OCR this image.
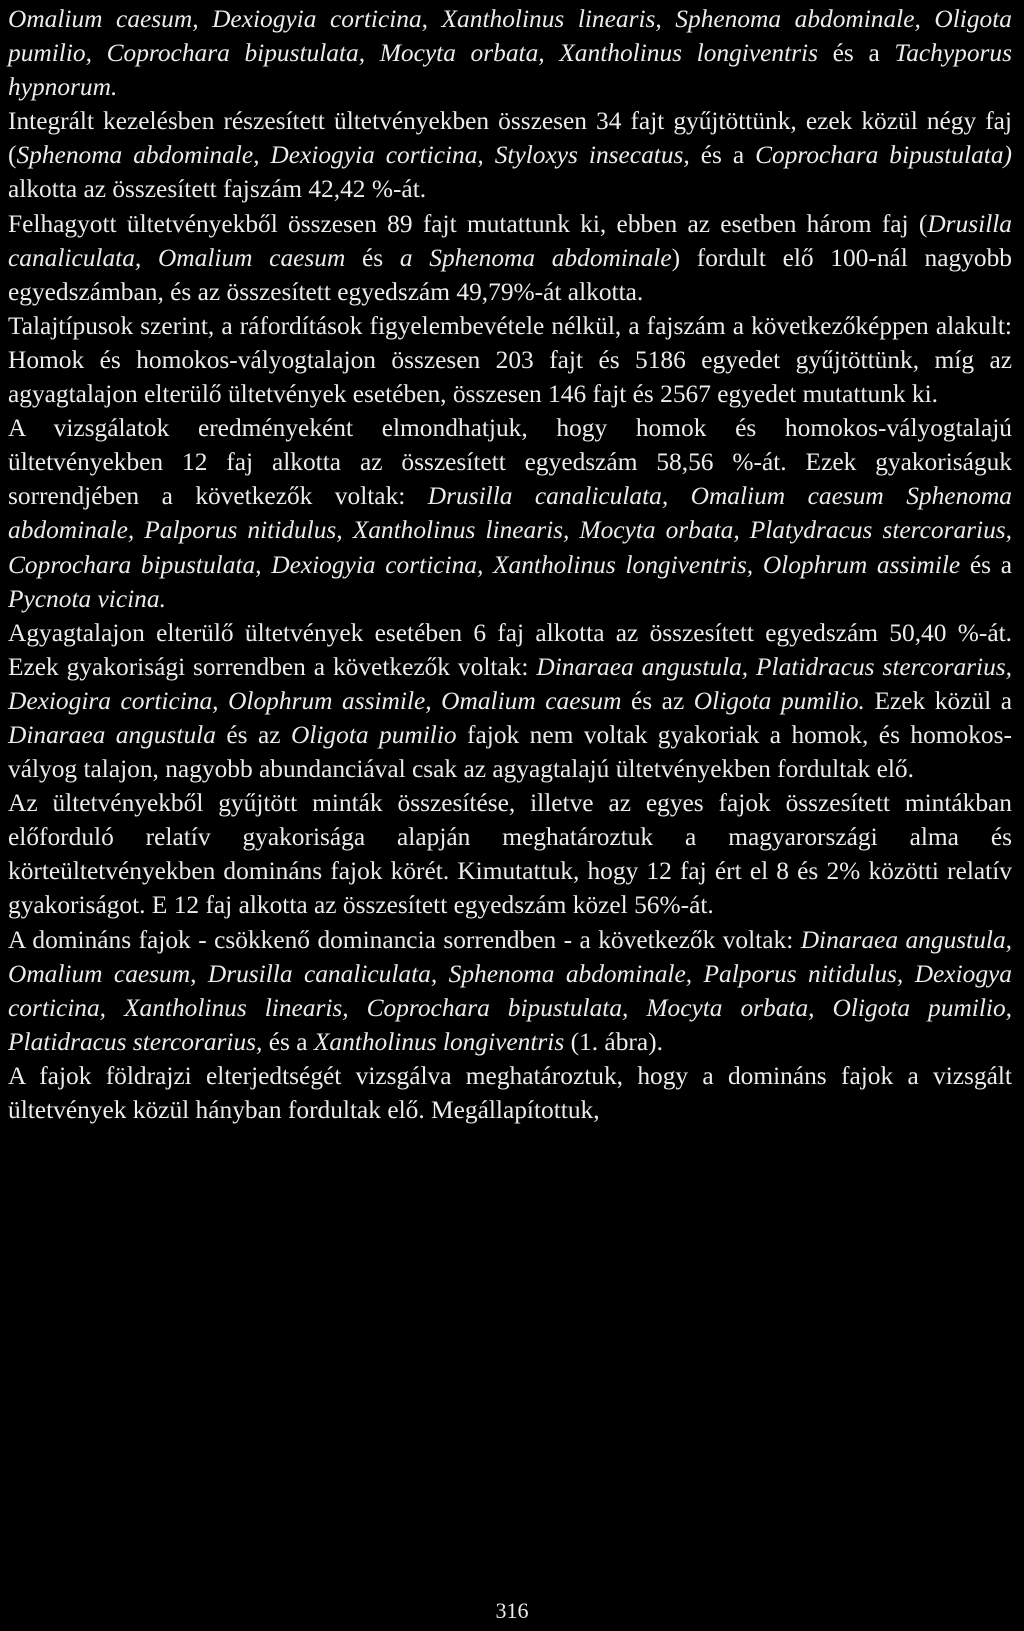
Omalium caesum, Dexiogyia corticina, Xantholinus linearis, Sphenoma abdominale, Oligota pumilio, Coprochara bipustulata, Mocyta orbata, Xantholinus longiventris és a Tachyporus hypnorum.

Integrált kezelésben részesített ültetvényekben összesen 34 fajt gyűjtöttünk, ezek közül négy faj (Sphenoma abdominale, Dexiogyia corticina, Styloxys insecatus, és a Coprochara bipustulata) alkotta az összesített fajszám 42,42 %-át.

Felhagyott ültetvényekből összesen 89 fajt mutattunk ki, ebben az esetben három faj (Drusilla canaliculata, Omalium caesum és a Sphenoma abdominale) fordult elő 100-nál nagyobb egyedszámban, és az összesített egyedszám 49,79%-át alkotta.

Talajtípusok szerint, a ráfordítások figyelembevétele nélkül, a fajszám a következőképpen alakult: Homok és homokos-vályogtalajon összesen 203 fajt és 5186 egyedet gyűjtöttünk, míg az agyagtalajon elterülő ültetvények esetében, összesen 146 fajt és 2567 egyedet mutattunk ki.

A vizsgálatok eredményeként elmondhatjuk, hogy homok és homokos-vályogtalajú ültetvényekben 12 faj alkotta az összesített egyedszám 58,56 %-át. Ezek gyakoriságuk sorrendjében a következők voltak: Drusilla canaliculata, Omalium caesum Sphenoma abdominale, Palporus nitidulus, Xantholinus linearis, Mocyta orbata, Platydracus stercorarius, Coprochara bipustulata, Dexiogyia corticina, Xantholinus longiventris, Olophrum assimile és a Pycnota vicina.

Agyagtalajon elterülő ültetvények esetében 6 faj alkotta az összesített egyedszám 50,40 %-át. Ezek gyakorisági sorrendben a következők voltak: Dinaraea angustula, Platidracus stercorarius, Dexiogira corticina, Olophrum assimile, Omalium caesum és az Oligota pumilio. Ezek közül a Dinaraea angustula és az Oligota pumilio fajok nem voltak gyakoriak a homok, és homokos-vályog talajon, nagyobb abundanciával csak az agyagtalajú ültetvényekben fordultak elő.

Az ültetvényekből gyűjtött minták összesítése, illetve az egyes fajok összesített mintákban előforduló relatív gyakorisága alapján meghatároztuk a magyarországi alma és körteültetvényekben domináns fajok körét. Kimutattuk, hogy 12 faj ért el 8 és 2% közötti relatív gyakoriságot. E 12 faj alkotta az összesített egyedszám közel 56%-át.

A domináns fajok - csökkenő dominancia sorrendben - a következők voltak: Dinaraea angustula, Omalium caesum, Drusilla canaliculata, Sphenoma abdominale, Palporus nitidulus, Dexiogya corticina, Xantholinus linearis, Coprochara bipustulata, Mocyta orbata, Oligota pumilio, Platidracus stercorarius, és a Xantholinus longiventris (1. ábra).

A fajok földrajzi elterjedtségét vizsgálva meghatároztuk, hogy a domináns fajok a vizsgált ültetvények közül hányban fordultak elő. Megállapítottuk,

316
